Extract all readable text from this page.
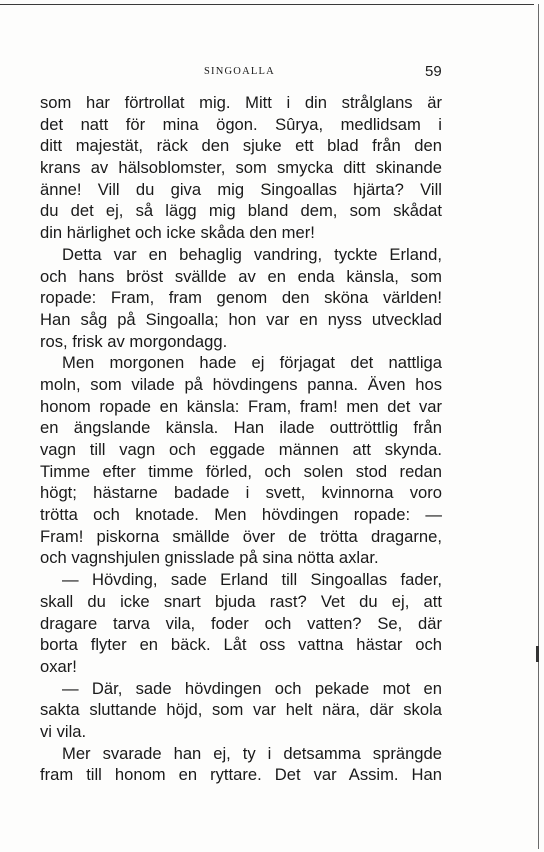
SINGOALLA	59
som har förtrollat mig. Mitt i din strålglans är
det natt för mina ögon. Sûrya, medlidsam i
ditt majestät, räck den sjuke ett blad från den
krans av hälsoblomster, som smycka ditt skinande
änne! Vill du giva mig Singoallas hjärta? Vill
du det ej, så lägg mig bland dem, som skådat
din härlighet och icke skåda den mer!
Detta var en behaglig vandring, tyckte Erland,
och hans bröst svällde av en enda känsla, som
ropade: Fram, fram genom den sköna världen!
Han såg på Singoalla; hon var en nyss utvecklad
ros, frisk av morgondagg.
Men morgonen hade ej förjagat det nattliga
moln, som vilade på hövdingens panna. Även hos
honom ropade en känsla: Fram, fram! men det var
en ängslande känsla. Han ilade outtröttlig från
vagn till vagn och eggade männen att skynda.
Timme efter timme förled, och solen stod redan
högt; hästarne badade i svett, kvinnorna voro
trötta och knotade. Men hövdingen ropade: —
Fram! piskorna smällde över de trötta dragarne,
och vagnshjulen gnisslade på sina nötta axlar.
— Hövding, sade Erland till Singoallas fader,
skall du icke snart bjuda rast? Vet du ej, att
dragare tarva vila, foder och vatten? Se, där
borta flyter en bäck. Låt oss vattna hästar och
oxar!
— Där, sade hövdingen och pekade mot en
sakta sluttande höjd, som var helt nära, där skola
vi vila.
Mer svarade han ej, ty i detsamma sprängde
fram till honom en ryttare. Det var Assim. Han
